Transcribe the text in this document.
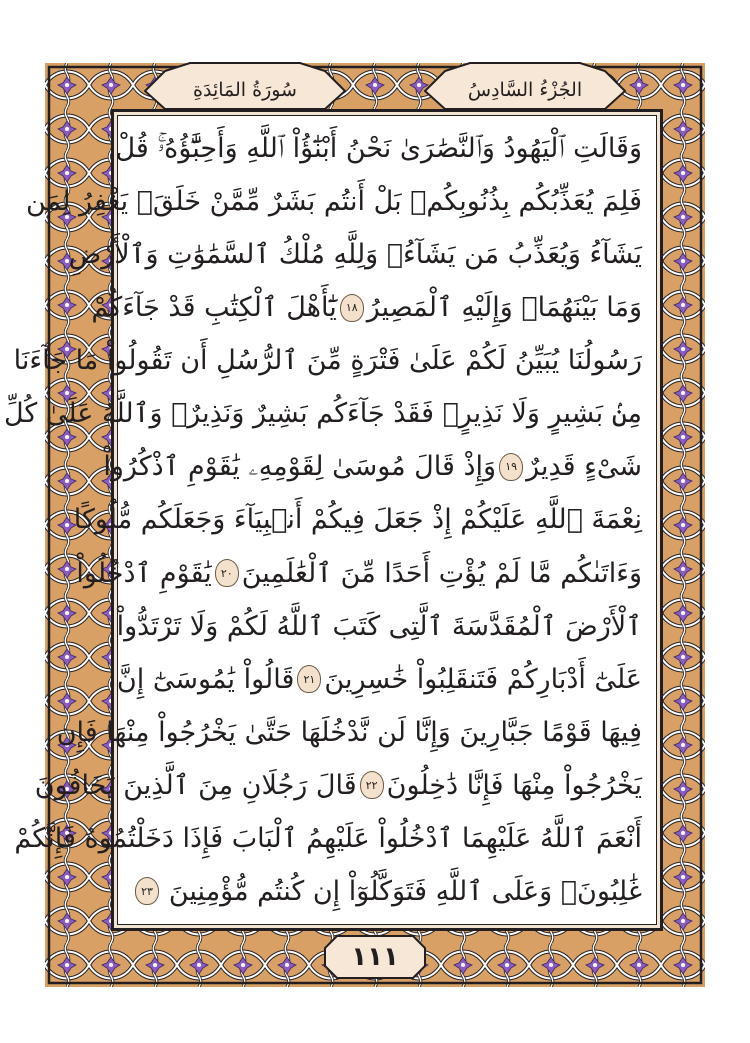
سُورَةُ المَائِدَةِ	الجُزْءُ السَّادِسُ
وَقَالَتِ ٱلْيَهُودُ وَٱلنَّصَٰرَىٰ نَحْنُ أَبْنَٰٓؤُاْ ٱللَّهِ وَأَحِبَّٰٓؤُهُۥۚ قُلْ
فَلِمَ يُعَذِّبُكُم بِذُنُوبِكُمۖ بَلْ أَنتُم بَشَرٌ مِّمَّنْ خَلَقَۚ يَغْفِرُ لِمَن
يَشَآءُ وَيُعَذِّبُ مَن يَشَآءُۚ وَلِلَّهِ مُلْكُ ٱلسَّمَٰوَٰتِ وَٱلْأَرْضِ
وَمَا بَيْنَهُمَاۖ وَإِلَيْهِ ٱلْمَصِيرُ
١٨
يَٰٓأَهْلَ ٱلْكِتَٰبِ قَدْ جَآءَكُمْ
رَسُولُنَا يُبَيِّنُ لَكُمْ عَلَىٰ فَتْرَةٍ مِّنَ ٱلرُّسُلِ أَن تَقُولُواْ مَا جَآءَنَا
مِنۢ بَشِيرٍ وَلَا نَذِيرٍۖ فَقَدْ جَآءَكُم بَشِيرٌ وَنَذِيرٌۗ وَٱللَّهُ عَلَىٰ كُلِّ
شَىْءٍ قَدِيرٌ
١٩
وَإِذْ قَالَ مُوسَىٰ لِقَوْمِهِۦ يَٰقَوْمِ ٱذْكُرُواْ
نِعْمَةَ ٱللَّهِ عَلَيْكُمْ إِذْ جَعَلَ فِيكُمْ أَنۢبِيَآءَ وَجَعَلَكُم مُّلُوكًا
وَءَاتَىٰكُم مَّا لَمْ يُؤْتِ أَحَدًا مِّنَ ٱلْعَٰلَمِينَ
٢٠
يَٰقَوْمِ ٱدْخُلُواْ
ٱلْأَرْضَ ٱلْمُقَدَّسَةَ ٱلَّتِى كَتَبَ ٱللَّهُ لَكُمْ وَلَا تَرْتَدُّواْ
عَلَىٰٓ أَدْبَارِكُمْ فَتَنقَلِبُواْ خَٰسِرِينَ
٢١
قَالُواْ يَٰمُوسَىٰٓ إِنَّ
فِيهَا قَوْمًا جَبَّارِينَ وَإِنَّا لَن نَّدْخُلَهَا حَتَّىٰ يَخْرُجُواْ مِنْهَا فَإِن
يَخْرُجُواْ مِنْهَا فَإِنَّا دَٰخِلُونَ
٢٢
قَالَ رَجُلَانِ مِنَ ٱلَّذِينَ يَخَافُونَ
أَنْعَمَ ٱللَّهُ عَلَيْهِمَا ٱدْخُلُواْ عَلَيْهِمُ ٱلْبَابَ فَإِذَا دَخَلْتُمُوهُ فَإِنَّكُمْ
غَٰلِبُونَۚ وَعَلَى ٱللَّهِ فَتَوَكَّلُوٓاْ إِن كُنتُم مُّؤْمِنِينَ
٢٣
١١١
